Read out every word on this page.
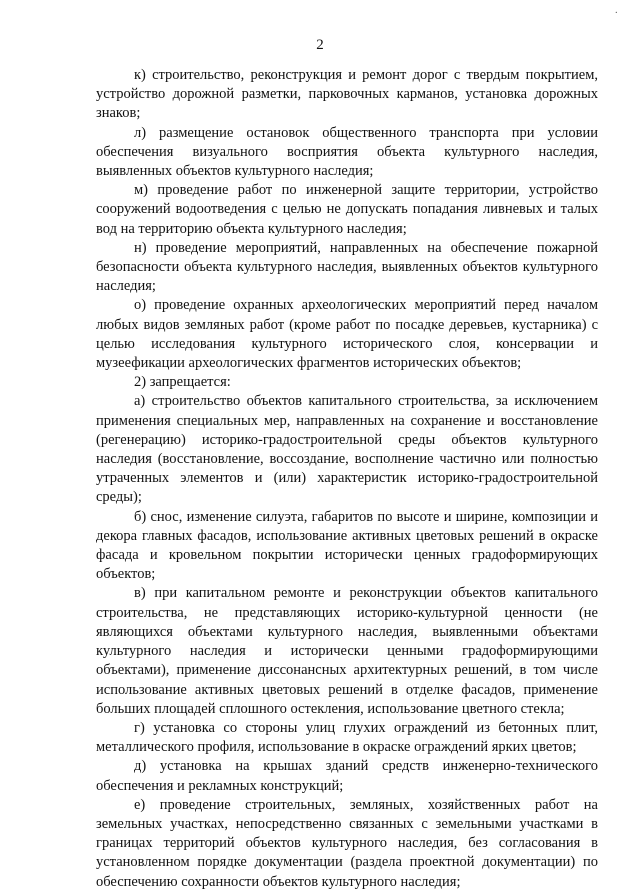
·
2

к) строительство, реконструкция и ремонт дорог с твердым покрытием, устройство дорожной разметки, парковочных карманов, установка дорожных знаков;

л) размещение остановок общественного транспорта при условии обеспечения визуального восприятия объекта культурного наследия, выявленных объектов культурного наследия;

м) проведение работ по инженерной защите территории, устройство сооружений водоотведения с целью не допускать попадания ливневых и талых вод на территорию объекта культурного наследия;

н) проведение мероприятий, направленных на обеспечение пожарной безопасности объекта культурного наследия, выявленных объектов культурного наследия;

о) проведение охранных археологических мероприятий перед началом любых видов земляных работ (кроме работ по посадке деревьев, кустарника) с целью исследования культурного исторического слоя, консервации и музеефикации археологических фрагментов исторических объектов;

2) запрещается:

а) строительство объектов капитального строительства, за исключением применения специальных мер, направленных на сохранение и восстановление (регенерацию) историко-градостроительной среды объектов культурного наследия (восстановление, воссоздание, восполнение частично или полностью утраченных элементов и (или) характеристик историко-градостроительной среды);

б) снос, изменение силуэта, габаритов по высоте и ширине, композиции и декора главных фасадов, использование активных цветовых решений в окраске фасада и кровельном покрытии исторически ценных градоформирующих объектов;

в) при капитальном ремонте и реконструкции объектов капитального строительства, не представляющих историко-культурной ценности (не являющихся объектами культурного наследия, выявленными объектами культурного наследия и исторически ценными градоформирующими объектами), применение диссонансных архитектурных решений, в том числе использование активных цветовых решений в отделке фасадов, применение больших площадей сплошного остекления, использование цветного стекла;

г) установка со стороны улиц глухих ограждений из бетонных плит, металлического профиля, использование в окраске ограждений ярких цветов;

д) установка на крышах зданий средств инженерно-технического обеспечения и рекламных конструкций;

е) проведение строительных, земляных, хозяйственных работ на земельных участках, непосредственно связанных с земельными участками в границах территорий объектов культурного наследия, без согласования в установленном порядке документации (раздела проектной документации) по обеспечению сохранности объектов культурного наследия;
